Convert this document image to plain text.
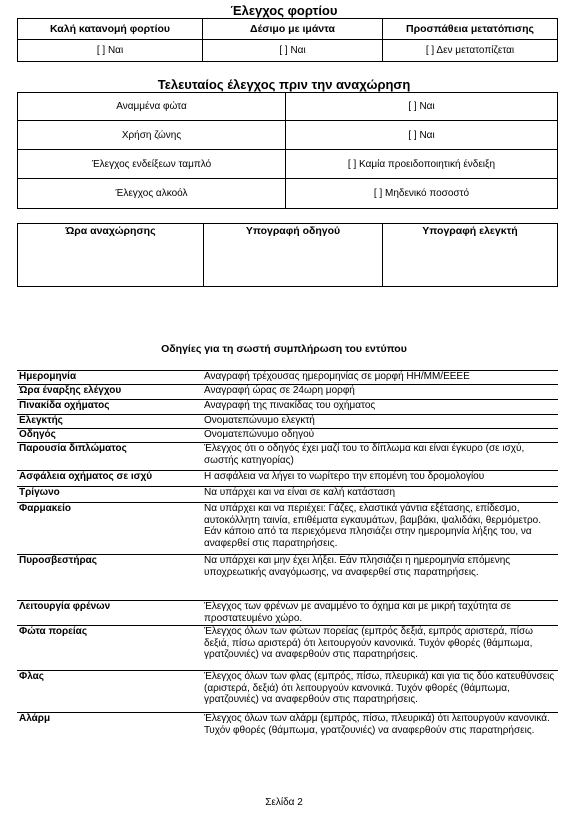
Έλεγχος φορτίου
Καλή κατανομή φορτίου	Δέσιμο με ιμάντα	Προσπάθεια μετατόπισης
[ ] Ναι	[ ] Ναι	[ ] Δεν μετατοπίζεται
Τελευταίος έλεγχος πριν την αναχώρηση
Αναμμένα φώτα	[ ] Ναι
Χρήση ζώνης	[ ] Ναι
Έλεγχος ενδείξεων ταμπλό	[ ] Καμία προειδοποιητική ένδειξη
Έλεγχος αλκοόλ	[ ] Μηδενικό ποσοστό
Ώρα αναχώρησης	Υπογραφή οδηγού	Υπογραφή ελεγκτή
Οδηγίες για τη σωστή συμπλήρωση του εντύπου
Ημερομηνία	Αναγραφή τρέχουσας ημερομηνίας σε μορφή ΗΗ/ΜΜ/ΕΕΕΕ
Ώρα έναρξης ελέγχου	Αναγραφή ώρας σε 24ωρη μορφή
Πινακίδα οχήματος	Αναγραφή της πινακίδας του οχήματος
Ελεγκτής	Ονοματεπώνυμο ελεγκτή
Οδηγός	Ονοματεπώνυμο οδηγού
Παρουσία διπλώματος	Έλεγχος ότι ο οδηγός έχει μαζί του το δίπλωμα και είναι έγκυρο (σε ισχύ, σωστής κατηγορίας)
Ασφάλεια οχήματος σε ισχύ	Η ασφάλεια να λήγει το νωρίτερο την επομένη του δρομολογίου
Τρίγωνο	Να υπάρχει και να είναι σε καλή κατάσταση
Φαρμακείο	Να υπάρχει και να περιέχει: Γάζες, ελαστικά γάντια εξέτασης, επίδεσμο, αυτοκόλλητη ταινία, επιθέματα εγκαυμάτων, βαμβάκι, ψαλιδάκι, θερμόμετρο. Εάν κάποιο από τα περιεχόμενα πλησιάζει στην ημερομηνία λήξης του, να αναφερθεί στις παρατηρήσεις.
Πυροσβεστήρας	Να υπάρχει και μην έχει λήξει. Εάν πλησιάζει η ημερομηνία επόμενης υποχρεωτικής αναγόμωσης, να αναφερθεί στις παρατηρήσεις.
Λειτουργία φρένων	Έλεγχος των φρένων με αναμμένο το όχημα και με μικρή ταχύτητα σε προστατευμένο χώρο.
Φώτα πορείας	Έλεγχος όλων των φώτων πορείας (εμπρός δεξιά, εμπρός αριστερά, πίσω δεξιά, πίσω αριστερά) ότι λειτουργούν κανονικά. Τυχόν φθορές (θάμπωμα, γρατζουνιές) να αναφερθούν στις παρατηρήσεις.
Φλας	Έλεγχος όλων των φλας (εμπρός, πίσω, πλευρικά) και για τις δύο κατευθύνσεις (αριστερά, δεξιά) ότι λειτουργούν κανονικά. Τυχόν φθορές (θάμπωμα, γρατζουνιές) να αναφερθούν στις παρατηρήσεις.
Αλάρμ	Έλεγχος όλων των αλάρμ (εμπρός, πίσω, πλευρικά) ότι λειτουργούν κανονικά. Τυχόν φθορές (θάμπωμα, γρατζουνιές) να αναφερθούν στις παρατηρήσεις.
Σελίδα 2
